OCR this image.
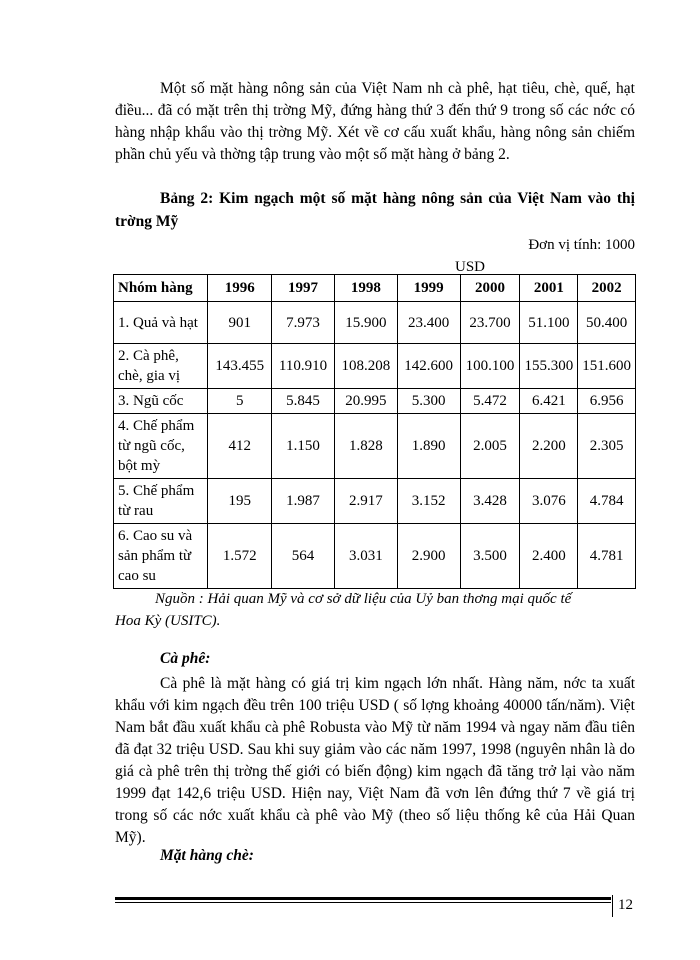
Một số mặt hàng nông sản của Việt Nam nh cà phê, hạt tiêu, chè, quế, hạt điều... đã có mặt trên thị trờng Mỹ, đứng hàng thứ 3 đến thứ 9 trong số các nớc có hàng nhập khẩu vào thị trờng Mỹ. Xét về cơ cấu xuất khẩu, hàng nông sản chiếm phần chủ yếu và thờng tập trung vào một số mặt hàng ở bảng 2.

Bảng 2: Kim ngạch một số mặt hàng nông sản của Việt Nam vào thị trờng Mỹ

Đơn vị tính: 1000
USD

Nhóm hàng	1996	1997	1998	1999	2000	2001	2002
1. Quả và hạt	901	7.973	15.900	23.400	23.700	51.100	50.400
2. Cà phê, chè, gia vị	143.455	110.910	108.208	142.600	100.100	155.300	151.600
3. Ngũ cốc	5	5.845	20.995	5.300	5.472	6.421	6.956
4. Chế phẩm từ ngũ cốc, bột mỳ	412	1.150	1.828	1.890	2.005	2.200	2.305
5. Chế phẩm từ rau	195	1.987	2.917	3.152	3.428	3.076	4.784
6. Cao su và sản phẩm từ cao su	1.572	564	3.031	2.900	3.500	2.400	4.781

Nguồn : Hải quan Mỹ và cơ sở dữ liệu của Uỷ ban thơng mại quốc tế
Hoa Kỳ (USITC).

Cà phê:

Cà phê là mặt hàng có giá trị kim ngạch lớn nhất. Hàng năm, nớc ta xuất khẩu với kim ngạch đều trên 100 triệu USD ( số lợng khoảng 40000 tấn/năm). Việt Nam bắt đầu xuất khẩu cà phê Robusta vào Mỹ từ năm 1994 và ngay năm đầu tiên đã đạt 32 triệu USD. Sau khi suy giảm vào các năm 1997, 1998 (nguyên nhân là do giá cà phê trên thị trờng thế giới có biến động) kim ngạch đã tăng trở lại vào năm 1999 đạt 142,6 triệu USD. Hiện nay, Việt Nam đã vơn lên đứng thứ 7 về giá trị trong số các nớc xuất khẩu cà phê vào Mỹ (theo số liệu thống kê của Hải Quan Mỹ).

Mặt hàng chè:

12
